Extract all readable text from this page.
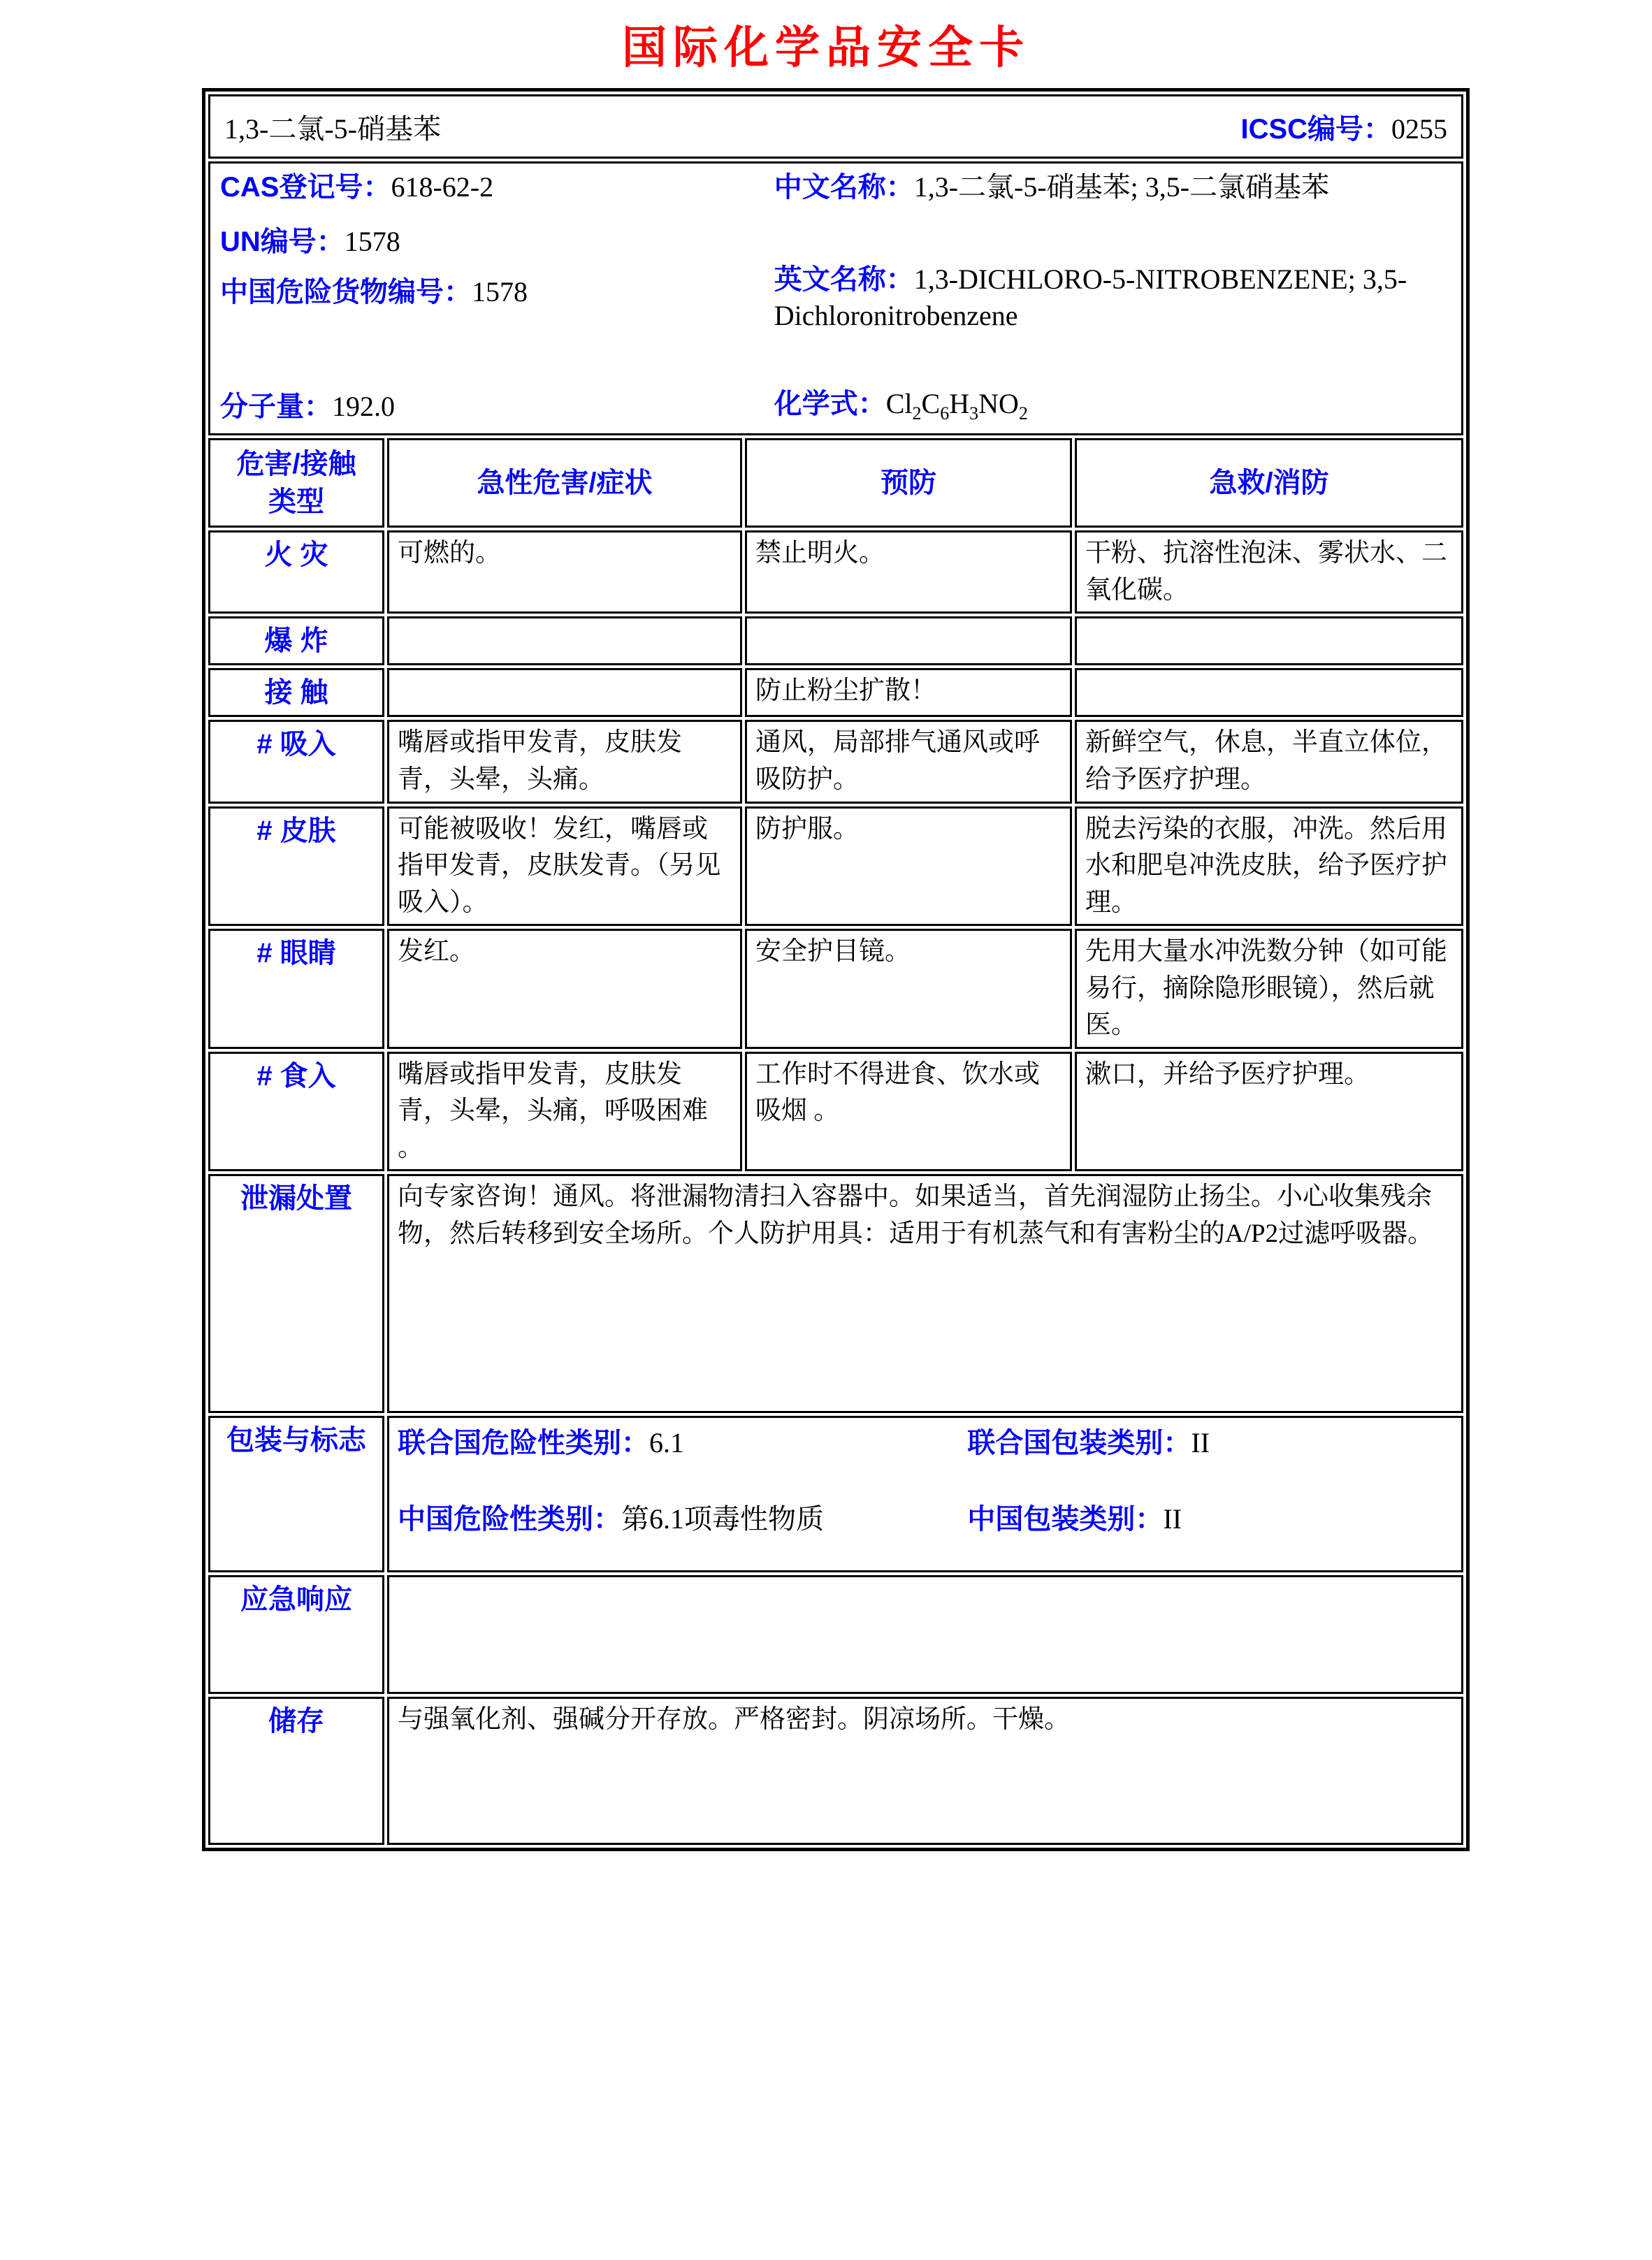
国际化学品安全卡
1,3-二氯-5-硝基苯 ICSC编号：0255			

CAS登记号：618-62-2
UN编号：1578
中国危险货物编号：1578
分子量：192.0
中文名称：1,3-二氯-5-硝基苯; 3,5-二氯硝基苯
英文名称：1,3-DICHLORO-5-NITROBENZENE; 3,5-Dichloronitrobenzene
化学式：$Cl_2C_6H_3NO_2$

危害/接触
类型	急性危害/症状	预防	急救/消防
火 灾	可燃的。	禁止明火。	干粉、抗溶性泡沫、雾状水、二氧化碳。
爆 炸			
接 触		防止粉尘扩散！	
# 吸入	嘴唇或指甲发青，皮肤发青，头晕，头痛。	通风，局部排气通风或呼吸防护。	新鲜空气，休息，半直立体位，给予医疗护理。
# 皮肤	可能被吸收！发红，嘴唇或指甲发青，皮肤发青。（另见吸入）。	防护服。	脱去污染的衣服，冲洗。然后用水和肥皂冲洗皮肤，给予医疗护理。
# 眼睛	发红。	安全护目镜。	先用大量水冲洗数分钟（如可能易行，摘除隐形眼镜），然后就医。
# 食入	嘴唇或指甲发青，皮肤发青，头晕，头痛，呼吸困难 。	工作时不得进食、饮水或吸烟 。	漱口，并给予医疗护理。
泄漏处置	向专家咨询！通风。将泄漏物清扫入容器中。如果适当，首先润湿防止扬尘。小心收集残余物，然后转移到安全场所。个人防护用具：适用于有机蒸气和有害粉尘的A/P2过滤呼吸器。		
包装与标志	联合国危险性类别：6.1 联合国包装类别：II
中国危险性类别：第6.1项毒性物质 中国包装类别：II		

应急响应			
储存	与强氧化剂、强碱分开存放。严格密封。阴凉场所。干燥。		
